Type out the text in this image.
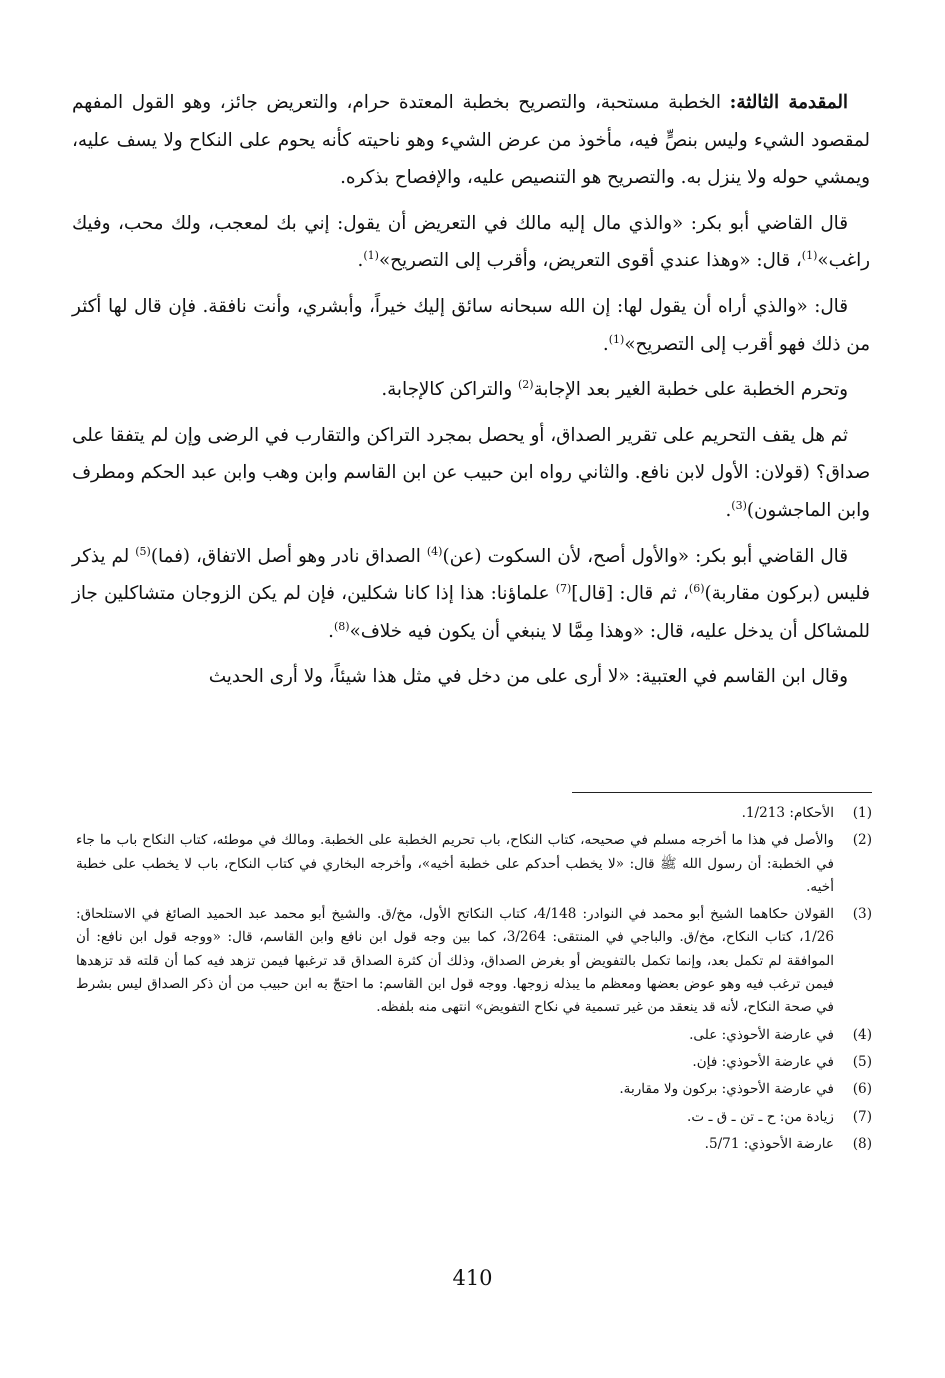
المقدمة الثالثة: الخطبة مستحبة، والتصريح بخطبة المعتدة حرام، والتعريض جائز، وهو القول المفهم لمقصود الشيء وليس بنصٍّ فيه، مأخوذ من عرض الشيء وهو ناحيته كأنه يحوم على النكاح ولا يسف عليه، ويمشي حوله ولا ينزل به. والتصريح هو التنصيص عليه، والإفصاح بذكره.

قال القاضي أبو بكر: «والذي مال إليه مالك في التعريض أن يقول: إني بك لمعجب، ولك محب، وفيك راغب»$^{(1)}$، قال: «وهذا عندي أقوى التعريض، وأقرب إلى التصريح»$^{(1)}$.

قال: «والذي أراه أن يقول لها: إن الله سبحانه سائق إليك خيراً، وأبشري، وأنت نافقة. فإن قال لها أكثر من ذلك فهو أقرب إلى التصريح»$^{(1)}$.

وتحرم الخطبة على خطبة الغير بعد الإجابة$^{(2)}$ والتراكن كالإجابة.

ثم هل يقف التحريم على تقرير الصداق، أو يحصل بمجرد التراكن والتقارب في الرضى وإن لم يتفقا على صداق؟ (قولان: الأول لابن نافع. والثاني رواه ابن حبيب عن ابن القاسم وابن وهب وابن عبد الحكم ومطرف وابن الماجشون)$^{(3)}$.

قال القاضي أبو بكر: «والأول أصح، لأن السكوت (عن)$^{(4)}$ الصداق نادر وهو أصل الاتفاق، (فما)$^{(5)}$ لم يذكر فليس (بركون مقاربة)$^{(6)}$، ثم قال: [قال]$^{(7)}$ علماؤنا: هذا إذا كانا شكلين، فإن لم يكن الزوجان متشاكلين جاز للمشاكل أن يدخل عليه، قال: «وهذا مِمَّا لا ينبغي أن يكون فيه خلاف»$^{(8)}$.

وقال ابن القاسم في العتبية: «لا أرى على من دخل في مثل هذا شيئاً، ولا أرى الحديث

(1)
الأحكام: 1/213.
(2)
والأصل في هذا ما أخرجه مسلم في صحيحه، كتاب النكاح، باب تحريم الخطبة على الخطبة. ومالك في موطئه، كتاب النكاح باب ما جاء في الخطبة: أن رسول الله ﷺ قال: «لا يخطب أحدكم على خطبة أخيه»، وأخرجه البخاري في كتاب النكاح، باب لا يخطب على خطبة أخيه.
(3)
القولان حكاهما الشيخ أبو محمد في النوادر: 4/148، كتاب النكاتح الأول، مخ/ق. والشيخ أبو محمد عبد الحميد الصائغ في الاستلحاق: 1/26، كتاب النكاح، مخ/ق. والباجي في المنتقى: 3/264، كما بين وجه قول ابن نافع وابن القاسم، قال: «ووجه قول ابن نافع: أن الموافقة لم تكمل بعد، وإنما تكمل بالتفويض أو بغرض الصداق، وذلك أن كثرة الصداق قد ترغبها فيمن تزهد فيه كما أن قلته قد تزهدها فيمن ترغب فيه وهو عوض بعضها ومعظم ما يبذله زوجها. ووجه قول ابن القاسم: ما احتجّ به ابن حبيب من أن ذكر الصداق ليس بشرط في صحة النكاح، لأنه قد ينعقد من غير تسمية في نكاح التفويض» انتهى منه بلفظه.
(4)
في عارضة الأحوذي: على.
(5)
في عارضة الأحوذي: فإن.
(6)
في عارضة الأحوذي: بركون ولا مقاربة.
(7)
زيادة من: ح ـ تن ـ ق ـ ت.
(8)
عارضة الأحوذي: 5/71.
410
